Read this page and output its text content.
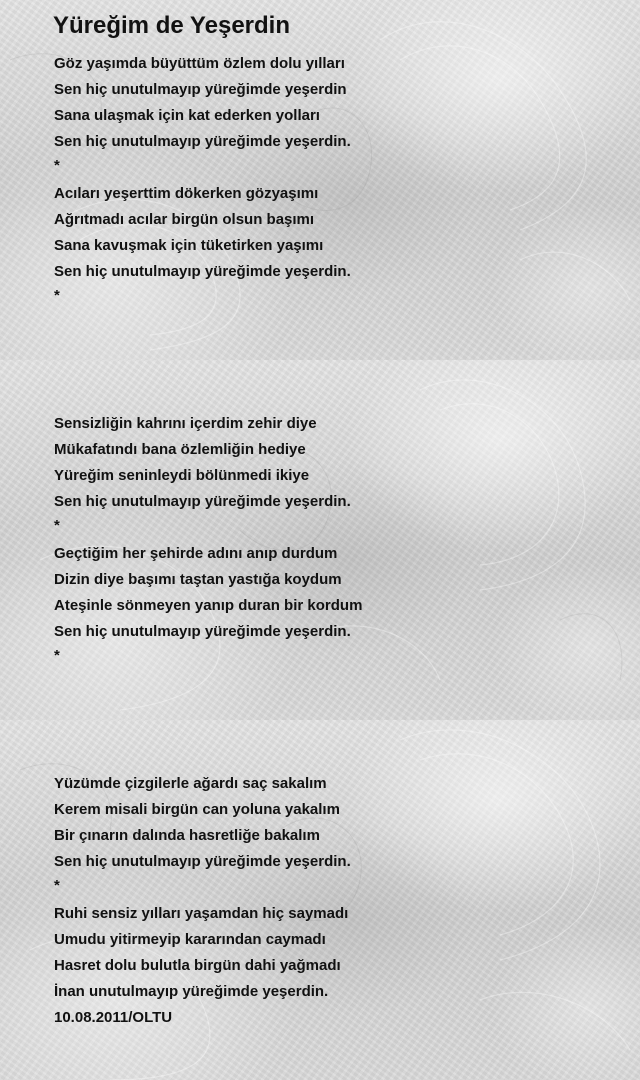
Yüreğim de Yeşerdin
Göz yaşımda büyüttüm özlem dolu yılları
Sen hiç unutulmayıp yüreğimde yeşerdin
Sana ulaşmak için kat ederken yolları
Sen hiç unutulmayıp yüreğimde yeşerdin.
*
Acıları yeşerttim dökerken gözyaşımı
Ağrıtmadı acılar birgün olsun başımı
Sana kavuşmak için tüketirken yaşımı
Sen hiç unutulmayıp yüreğimde yeşerdin.
*
Sensizliğin kahrını içerdim zehir diye
Mükafatındı bana özlemliğin hediye
Yüreğim seninleydi bölünmedi ikiye
Sen hiç unutulmayıp yüreğimde yeşerdin.
*
Geçtiğim her şehirde adını anıp durdum
Dizin diye başımı taştan yastığa koydum
Ateşinle sönmeyen yanıp duran bir kordum
Sen hiç unutulmayıp yüreğimde yeşerdin.
*
Yüzümde çizgilerle ağardı saç sakalım
Kerem misali birgün can yoluna yakalım
Bir çınarın dalında hasretliğe bakalım
Sen hiç unutulmayıp yüreğimde yeşerdin.
*
Ruhi sensiz yılları yaşamdan hiç saymadı
Umudu yitirmeyip kararından caymadı
Hasret dolu bulutla birgün dahi yağmadı
İnan unutulmayıp yüreğimde yeşerdin.
10.08.2011/OLTU
